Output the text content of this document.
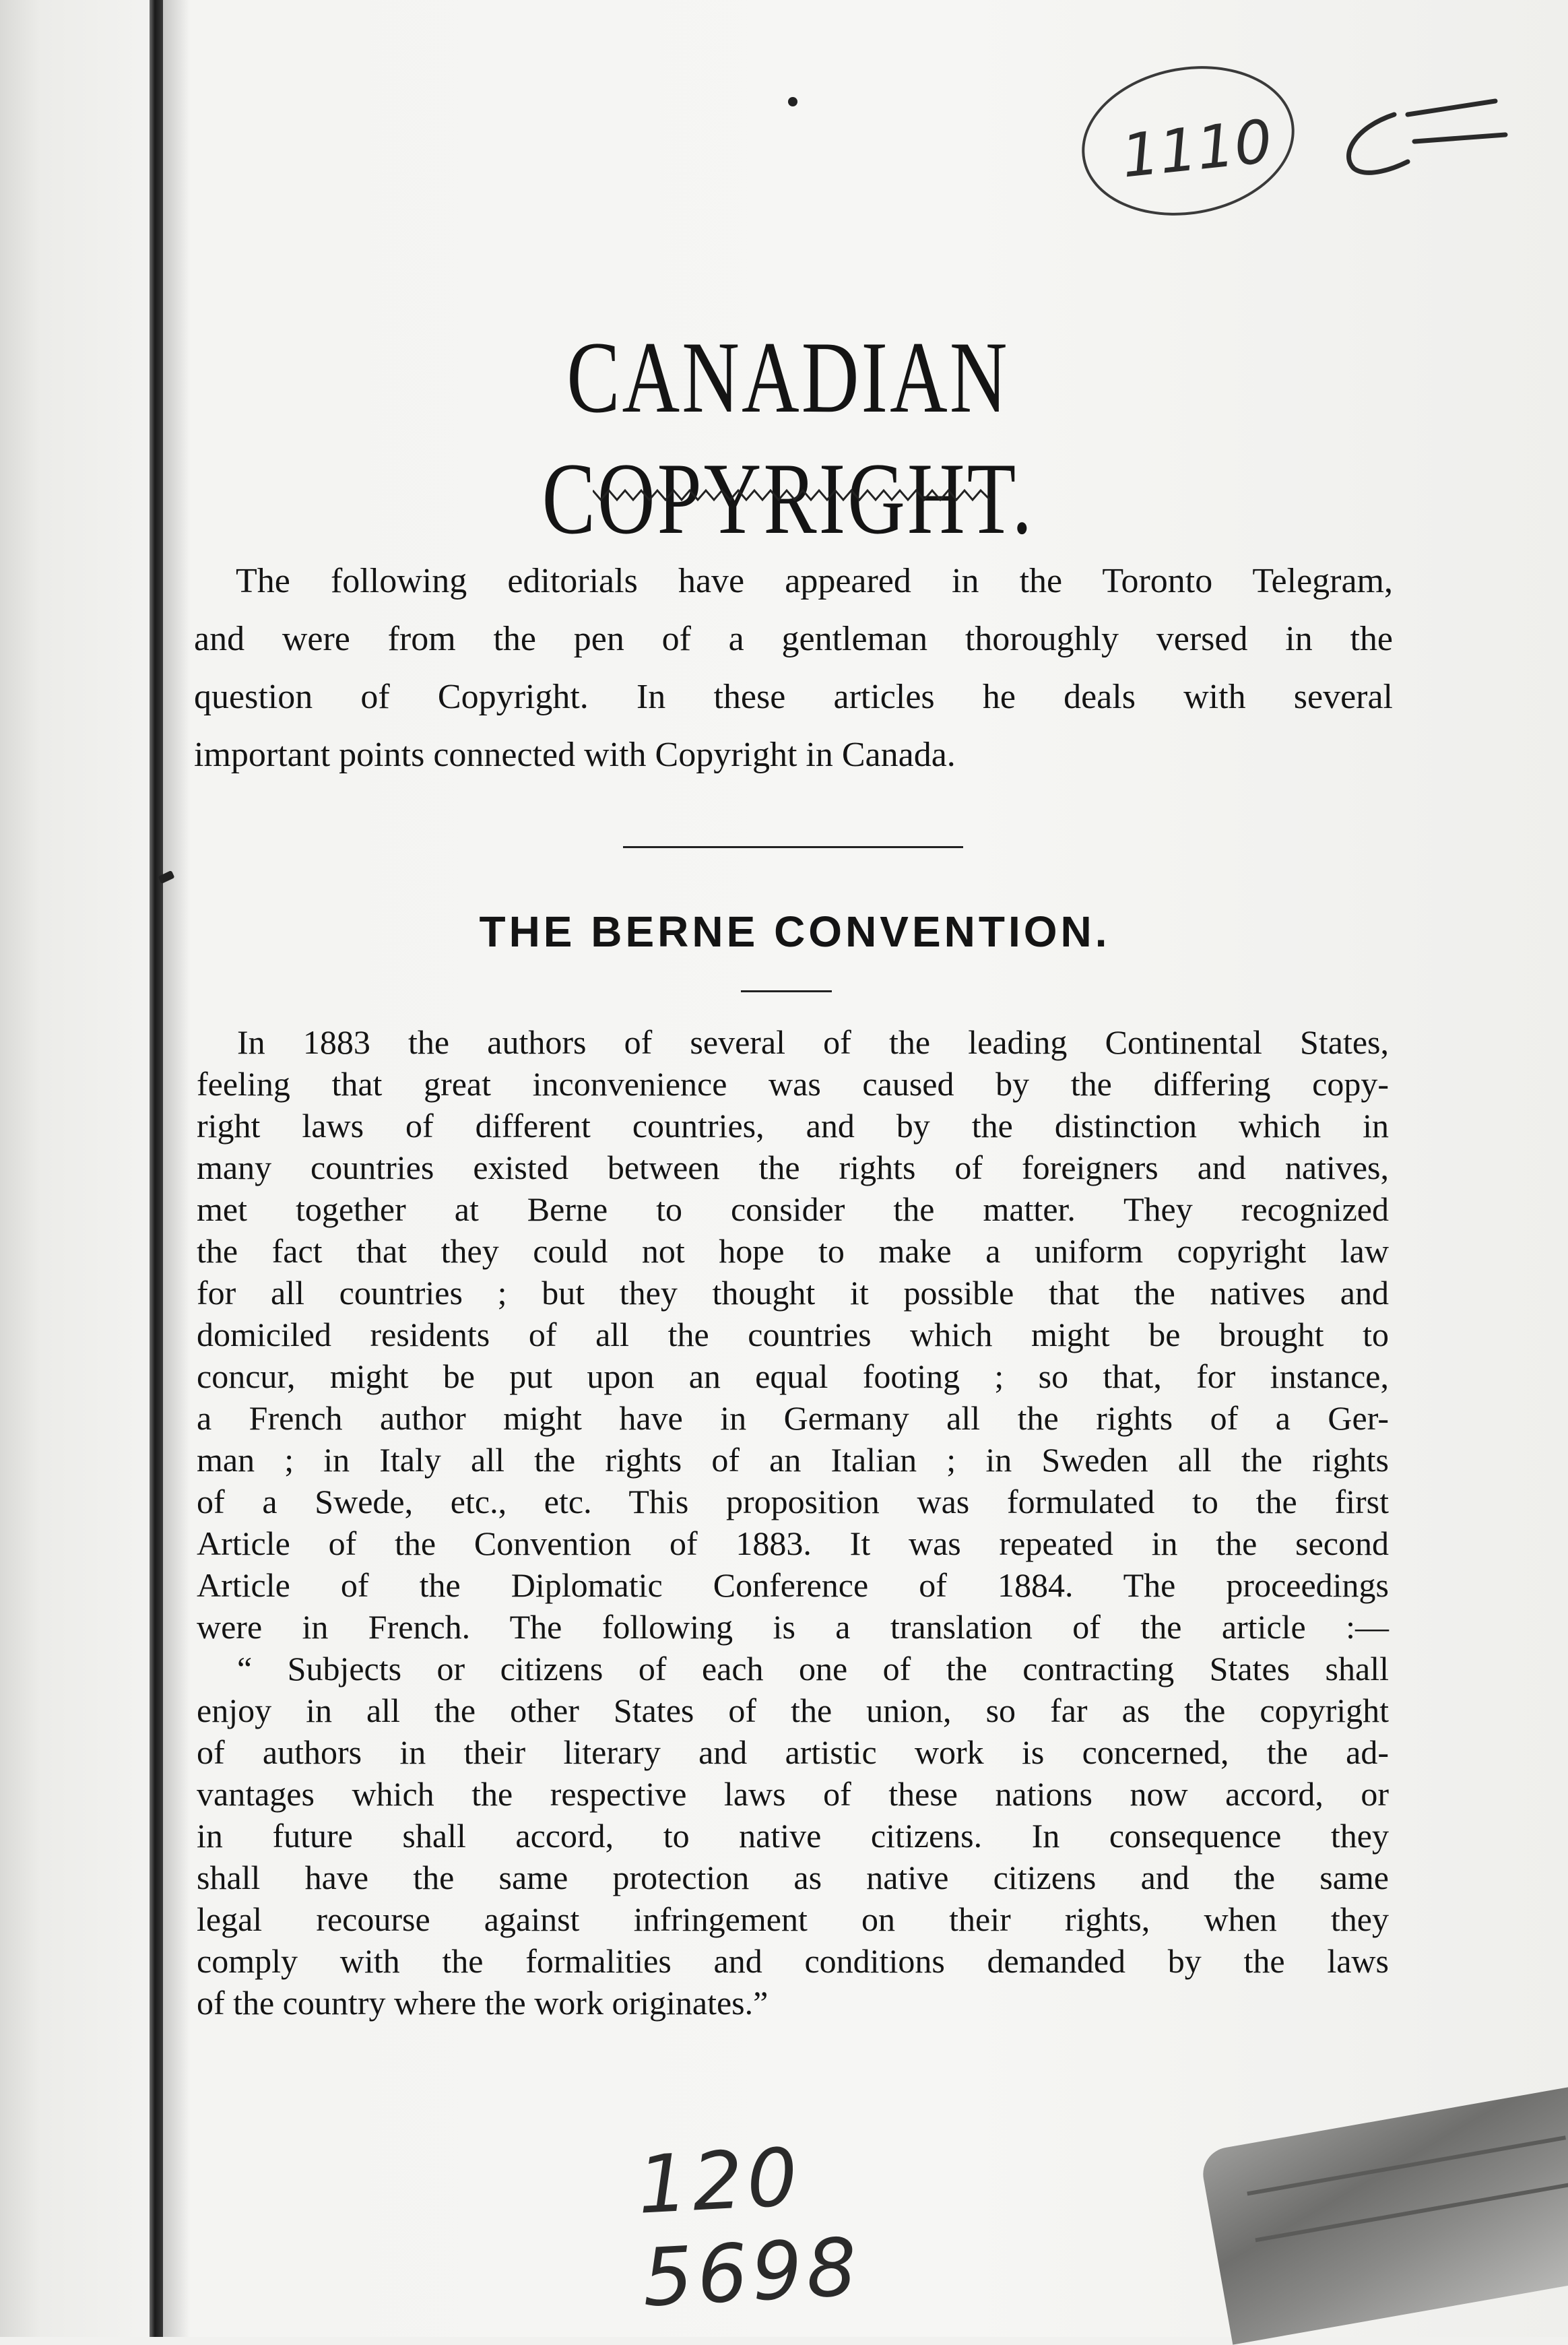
1110
CANADIAN COPYRIGHT.
The following editorials have appeared in the Toronto Telegram,
and were from the pen of a gentleman thoroughly versed in the
question of Copyright. In these articles he deals with several
important points connected with Copyright in Canada.
THE BERNE CONVENTION.
In 1883 the authors of several of the leading Continental States,
feeling that great inconvenience was caused by the differing copy-
right laws of different countries, and by the distinction which in
many countries existed between the rights of foreigners and natives,
met together at Berne to consider the matter. They recognized
the fact that they could not hope to make a uniform copyright law
for all countries ; but they thought it possible that the natives and
domiciled residents of all the countries which might be brought to
concur, might be put upon an equal footing ; so that, for instance,
a French author might have in Germany all the rights of a Ger-
man ; in Italy all the rights of an Italian ; in Sweden all the rights
of a Swede, etc., etc. This proposition was formulated to the first
Article of the Convention of 1883. It was repeated in the second
Article of the Diplomatic Conference of 1884. The proceedings
were in French. The following is a translation of the article :—
“ Subjects or citizens of each one of the contracting States shall
enjoy in all the other States of the union, so far as the copyright
of authors in their literary and artistic work is concerned, the ad-
vantages which the respective laws of these nations now accord, or
in future shall accord, to native citizens. In consequence they
shall have the same protection as native citizens and the same
legal recourse against infringement on their rights, when they
comply with the formalities and conditions demanded by the laws
of the country where the work originates.”
120 5698
